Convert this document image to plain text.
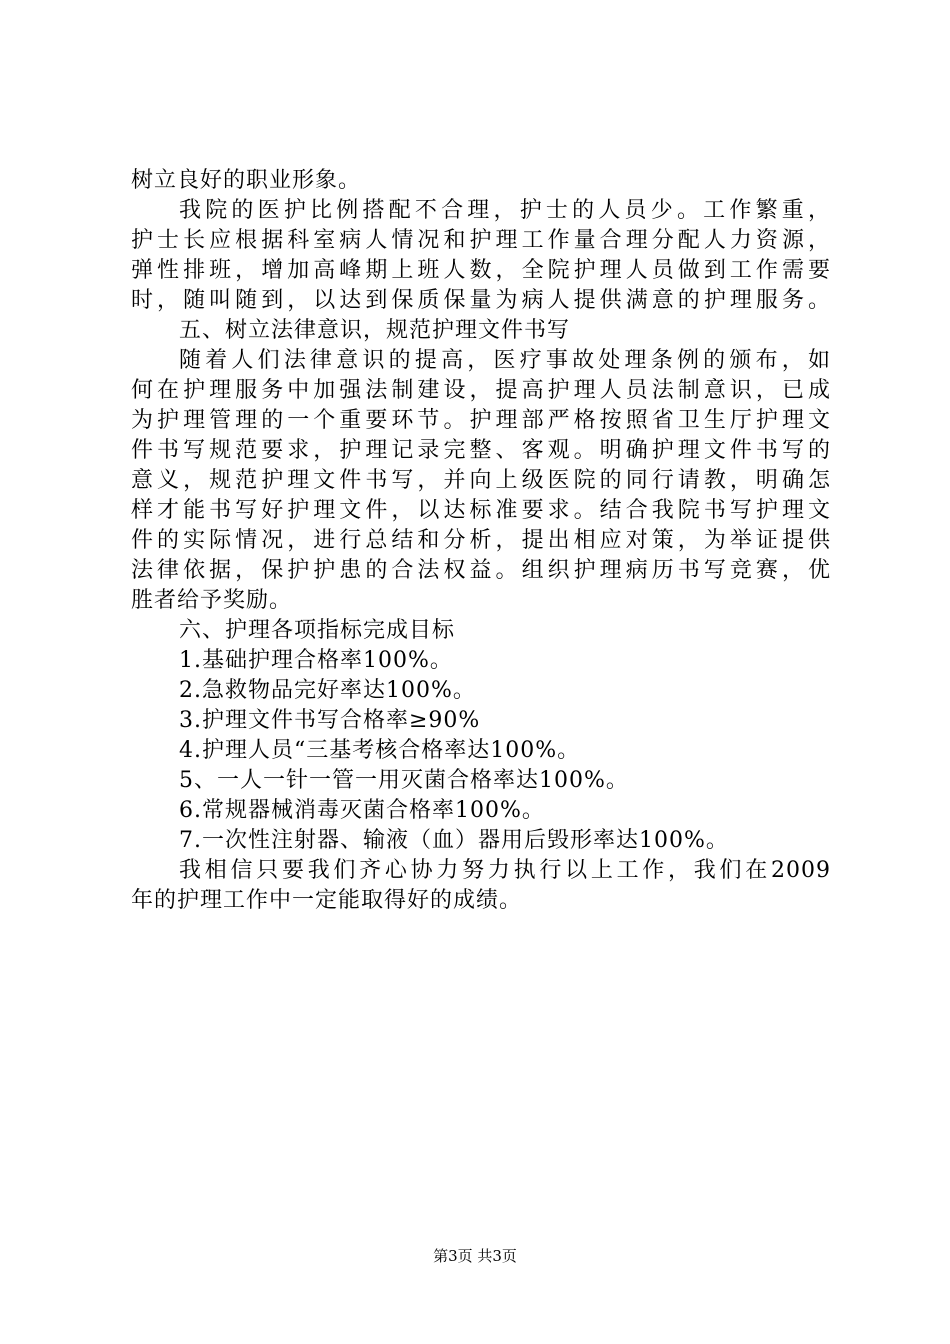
树立良好的职业形象。
我院的医护比例搭配不合理，护士的人员少。工作繁重，
护士长应根据科室病人情况和护理工作量合理分配人力资源，
弹性排班，增加高峰期上班人数，全院护理人员做到工作需要
时，随叫随到，以达到保质保量为病人提供满意的护理服务。
五、树立法律意识，规范护理文件书写
随着人们法律意识的提高，医疗事故处理条例的颁布，如
何在护理服务中加强法制建设，提高护理人员法制意识，已成
为护理管理的一个重要环节。护理部严格按照省卫生厅护理文
件书写规范要求，护理记录完整、客观。明确护理文件书写的
意义，规范护理文件书写，并向上级医院的同行请教，明确怎
样才能书写好护理文件，以达标准要求。结合我院书写护理文
件的实际情况，进行总结和分析，提出相应对策，为举证提供
法律依据，保护护患的合法权益。组织护理病历书写竞赛，优
胜者给予奖励。
六、护理各项指标完成目标
1.基础护理合格率100%。
2.急救物品完好率达100%。
3.护理文件书写合格率≥90%
4.护理人员“三基考核合格率达100%。
5、一人一针一管一用灭菌合格率达100%。
6.常规器械消毒灭菌合格率100%。
7.一次性注射器、输液（血）器用后毁形率达100%。
我相信只要我们齐心协力努力执行以上工作，我们在2009
年的护理工作中一定能取得好的成绩。
第3页 共3页
